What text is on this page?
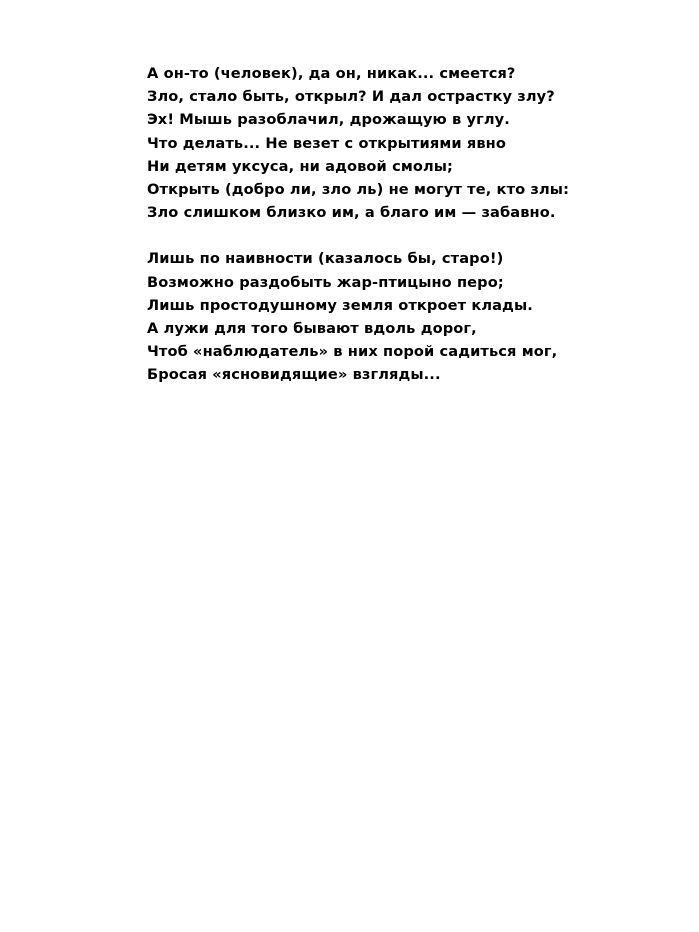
А он-то (человек), да он, никак... смеется?
Зло, стало быть, открыл? И дал острастку злу?
Эх! Мышь разоблачил, дрожащую в углу.
Что делать... Не везет с открытиями явно
Ни детям уксуса, ни адовой смолы;
Открыть (добро ли, зло ль) не могут те, кто злы:
Зло слишком близко им, а благо им — забавно.
Лишь по наивности (казалось бы, старо!)
Возможно раздобыть жар-птицыно перо;
Лишь простодушному земля откроет клады.
А лужи для того бывают вдоль дорог,
Чтоб «наблюдатель» в них порой садиться мог,
Бросая «ясновидящие» взгляды...
